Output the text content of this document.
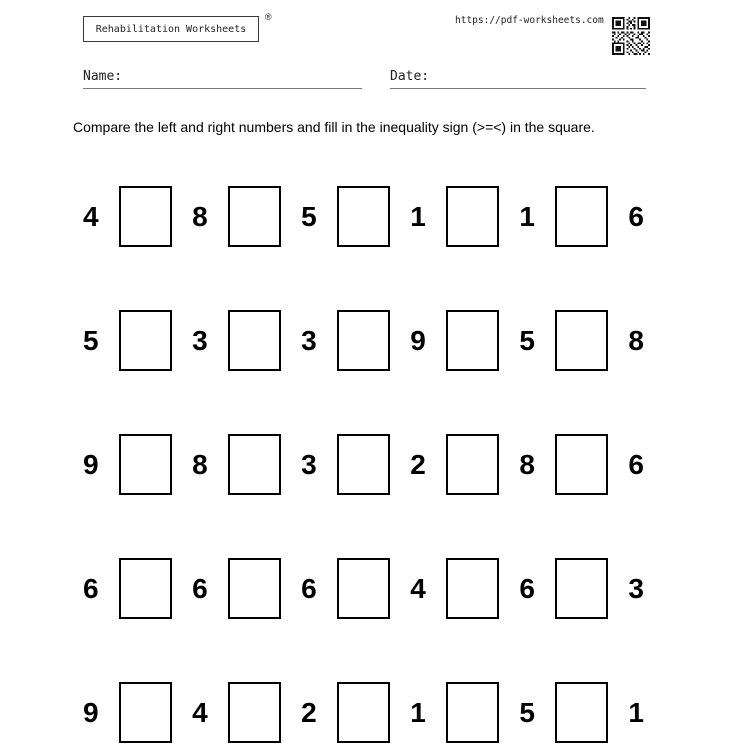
Rehabilitation Worksheets
®	https://pdf-worksheets.com
Name:	Date:
Compare the left and right numbers and fill in the inequality sign (>=<) in the square.
4	8	5	1	1	6
5	3	3	9	5	8
9	8	3	2	8	6
6	6	6	4	6	3
9	4	2	1	5	1
